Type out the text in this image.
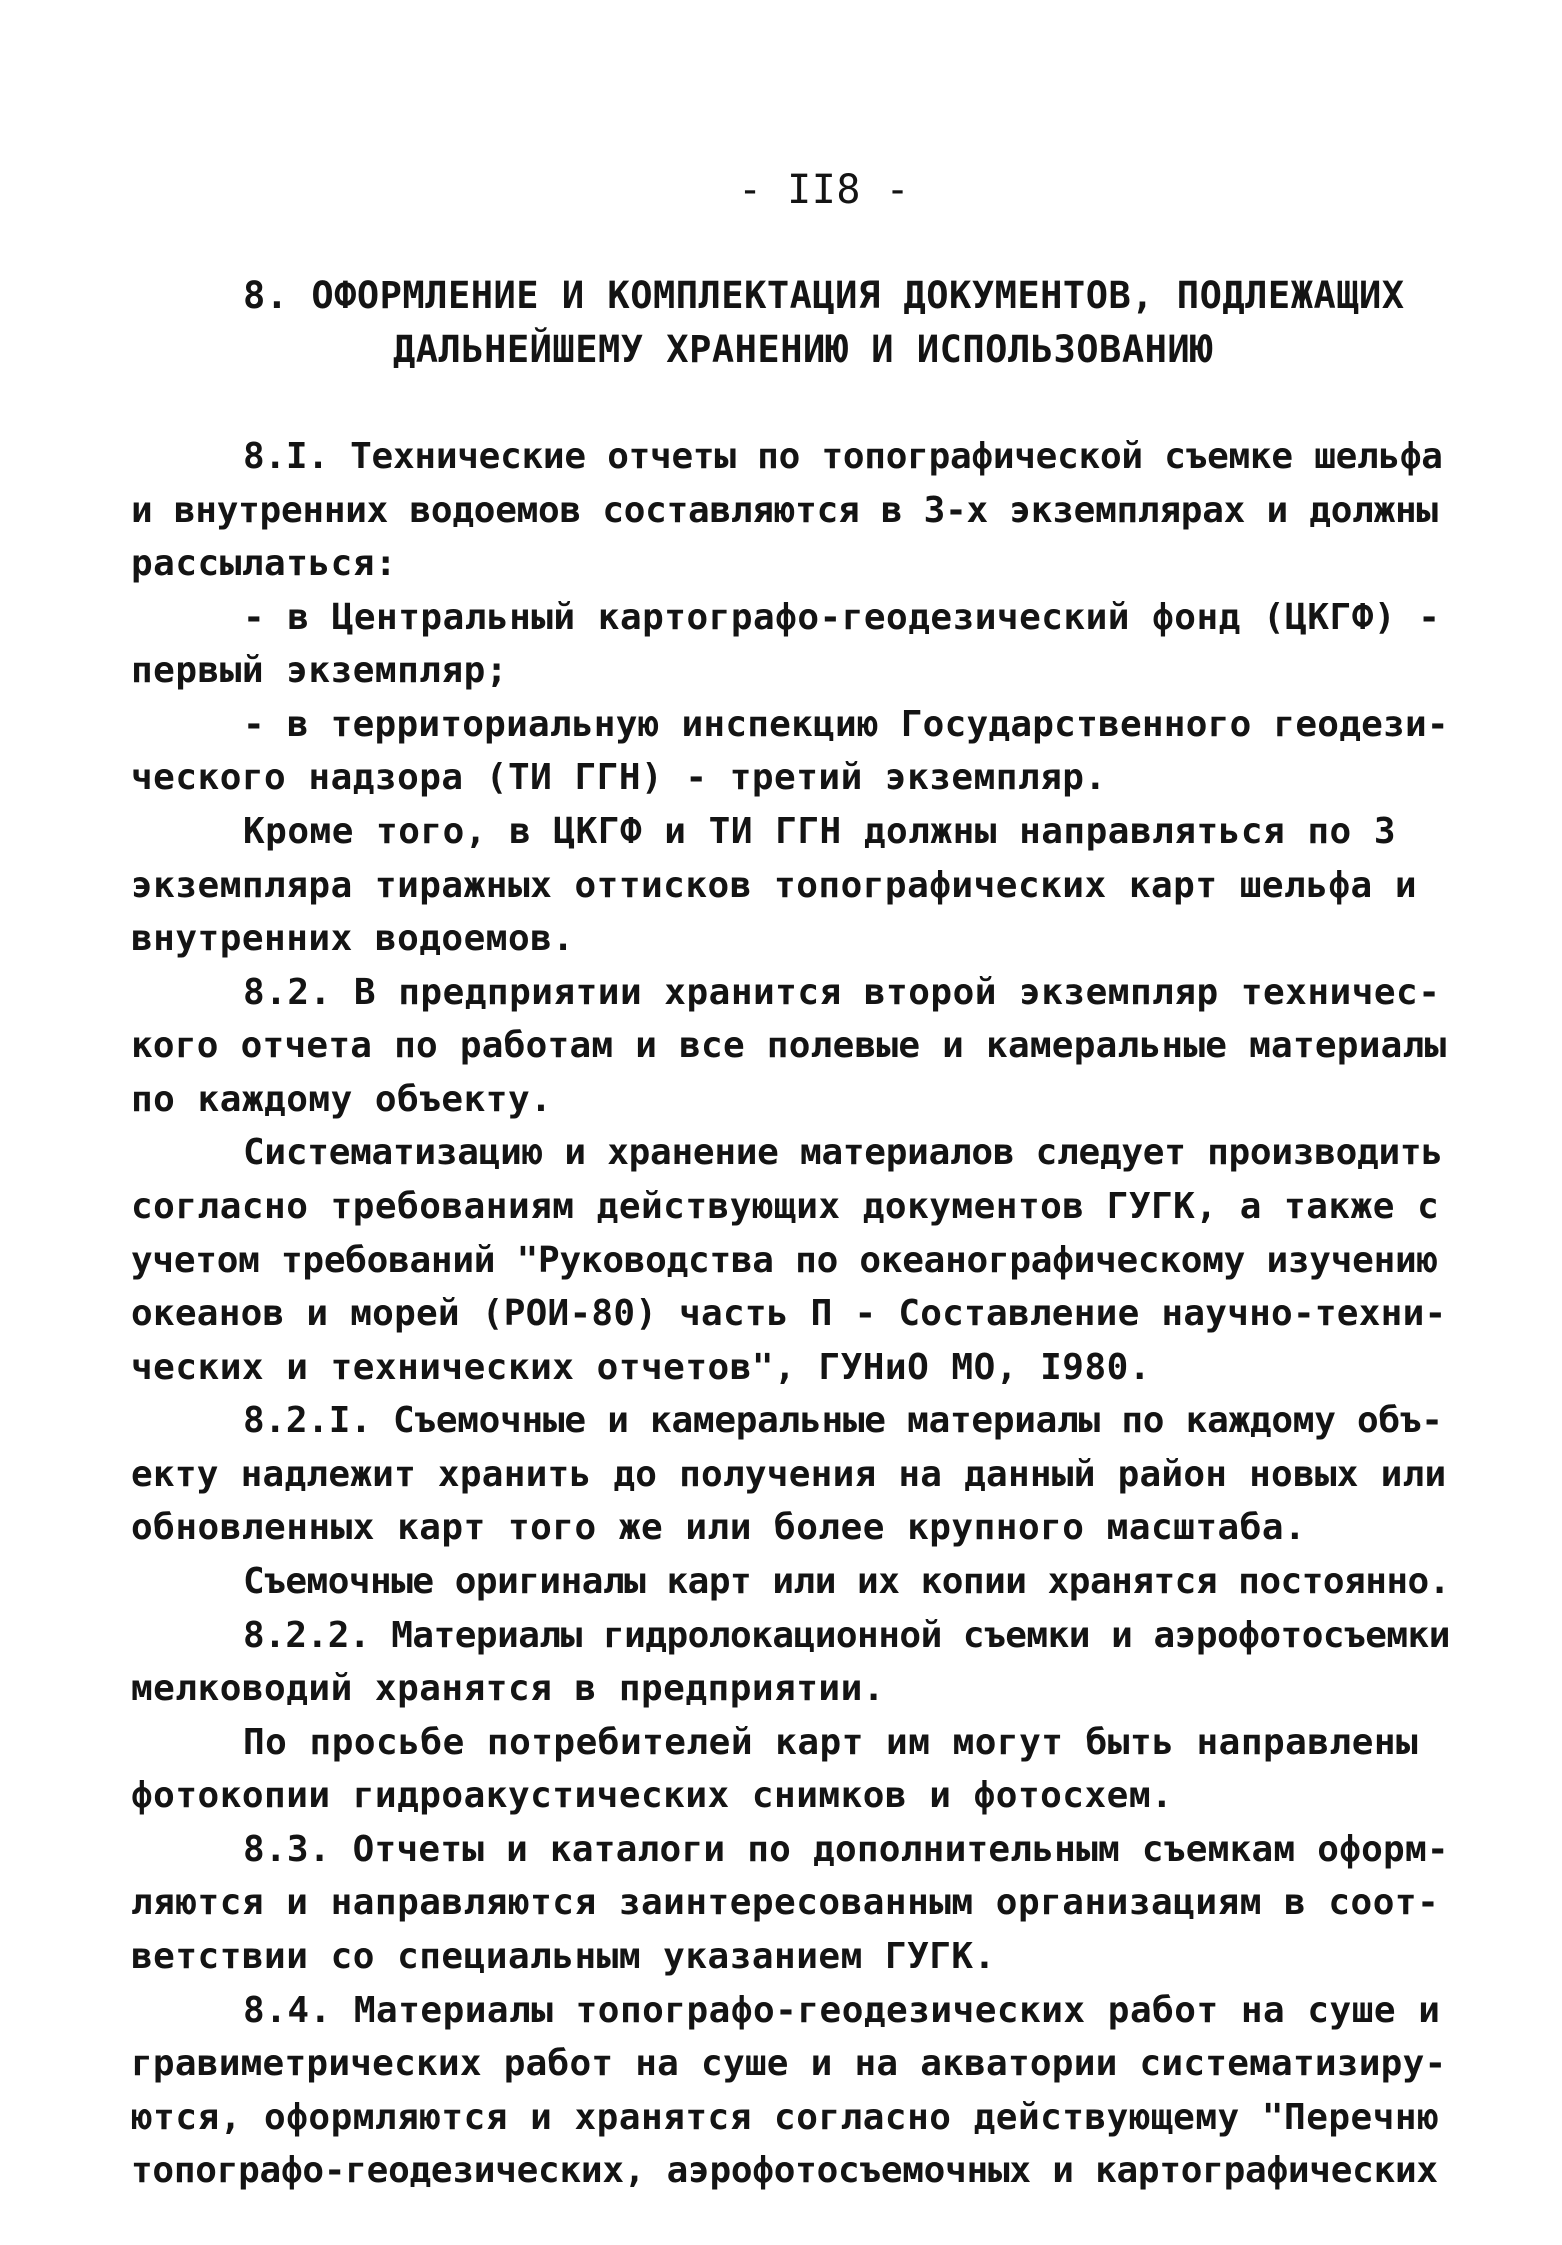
- II8 -
8. ОФОРМЛЕНИЕ И КОМПЛЕКТАЦИЯ ДОКУМЕНТОВ, ПОДЛЕЖАЩИХ
ДАЛЬНЕЙШЕМУ ХРАНЕНИЮ И ИСПОЛЬЗОВАНИЮ
8.I. Технические отчеты по топографической съемке шельфа
и внутренних водоемов составляются в 3-х экземплярах и должны
рассылаться:
- в Центральный картографо-геодезический фонд (ЦКГФ) -
первый экземпляр;
- в территориальную инспекцию Государственного геодези-
ческого надзора (ТИ ГГН) - третий экземпляр.
Кроме того, в ЦКГФ и ТИ ГГН должны направляться по 3
экземпляра тиражных оттисков топографических карт шельфа и
внутренних водоемов.
8.2. В предприятии хранится второй экземпляр техничес-
кого отчета по работам и все полевые и камеральные материалы
по каждому объекту.
Систематизацию и хранение материалов следует производить
согласно требованиям действующих документов ГУГК, а также с
учетом требований "Руководства по океанографическому изучению
океанов и морей (РОИ-80) часть П - Составление научно-техни-
ческих и технических отчетов", ГУНиО МО, I980.
8.2.I. Съемочные и камеральные материалы по каждому объ-
екту надлежит хранить до получения на данный район новых или
обновленных карт того же или более крупного масштаба.
Съемочные оригиналы карт или их копии хранятся постоянно.
8.2.2. Материалы гидролокационной съемки и аэрофотосъемки
мелководий хранятся в предприятии.
По просьбе потребителей карт им могут быть направлены
фотокопии гидроакустических снимков и фотосхем.
8.3. Отчеты и каталоги по дополнительным съемкам оформ-
ляются и направляются заинтересованным организациям в соот-
ветствии со специальным указанием ГУГК.
8.4. Материалы топографо-геодезических работ на суше и
гравиметрических работ на суше и на акватории систематизиру-
ются, оформляются и хранятся согласно действующему "Перечню
топографо-геодезических, аэрофотосъемочных и картографических
